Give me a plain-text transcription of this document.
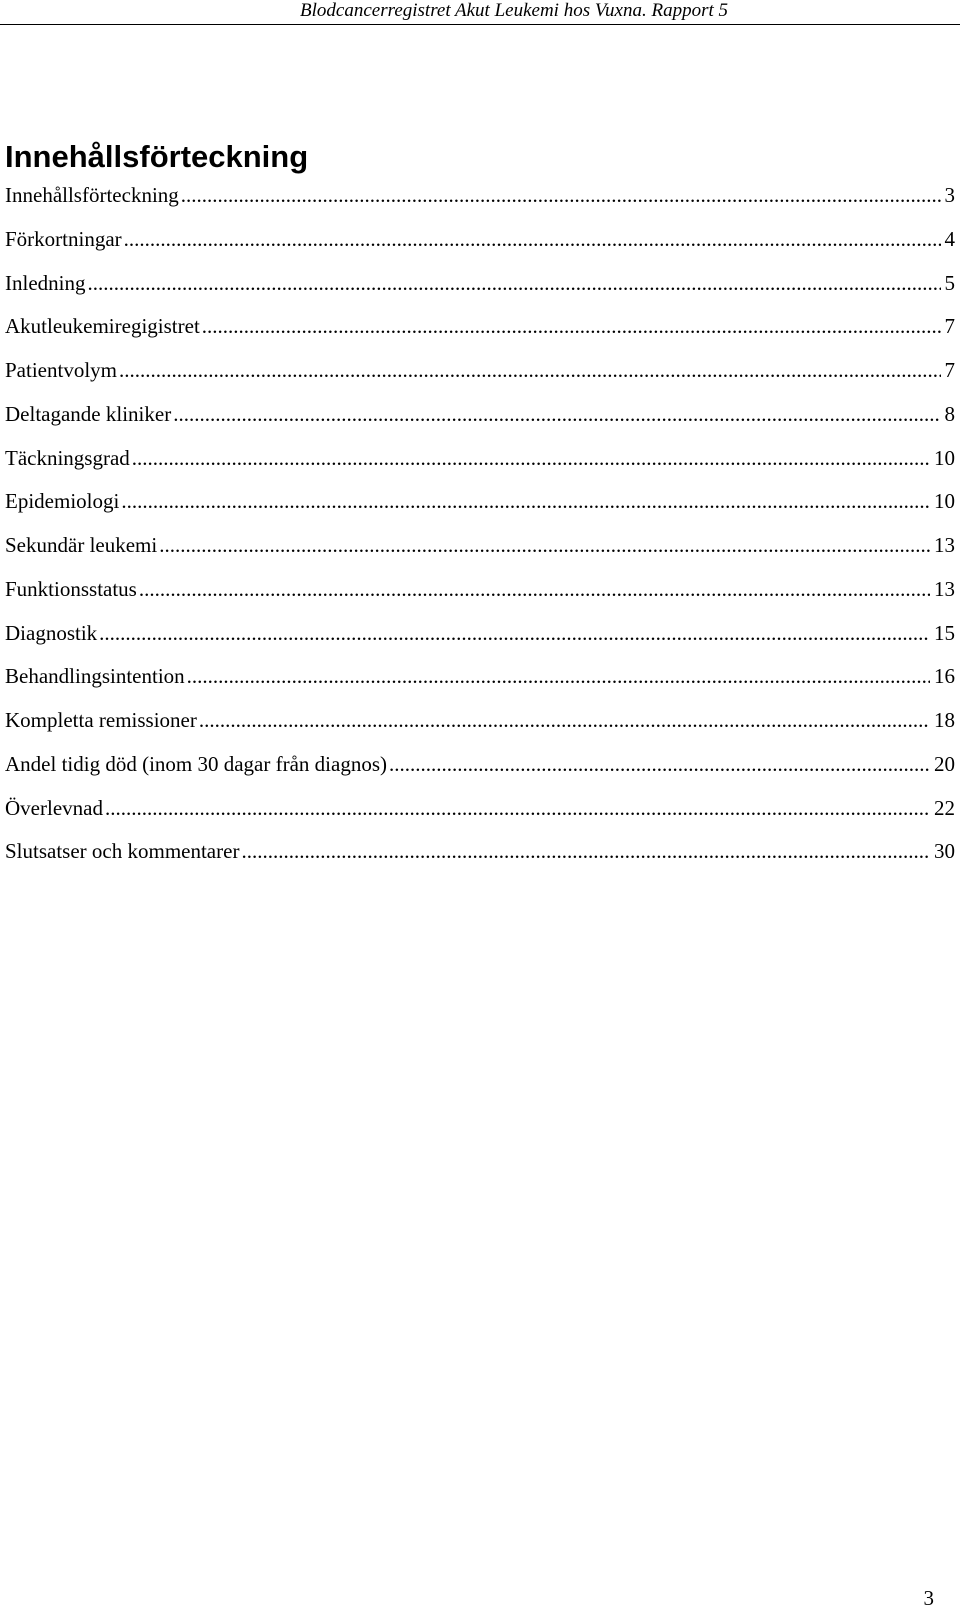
Blodcancerregistret Akut Leukemi hos Vuxna. Rapport 5
Innehållsförteckning
Innehållsförteckning .....	3
Förkortningar .....	4
Inledning .....	5
Akutleukemiregigistret .....	7
Patientvolym .....	7
Deltagande kliniker .....	8
Täckningsgrad .....	10
Epidemiologi .....	10
Sekundär leukemi .....	13
Funktionsstatus .....	13
Diagnostik .....	15
Behandlingsintention .....	16
Kompletta remissioner .....	18
Andel tidig död (inom 30 dagar från diagnos) .....	20
Överlevnad .....	22
Slutsatser och kommentarer .....	30
3
